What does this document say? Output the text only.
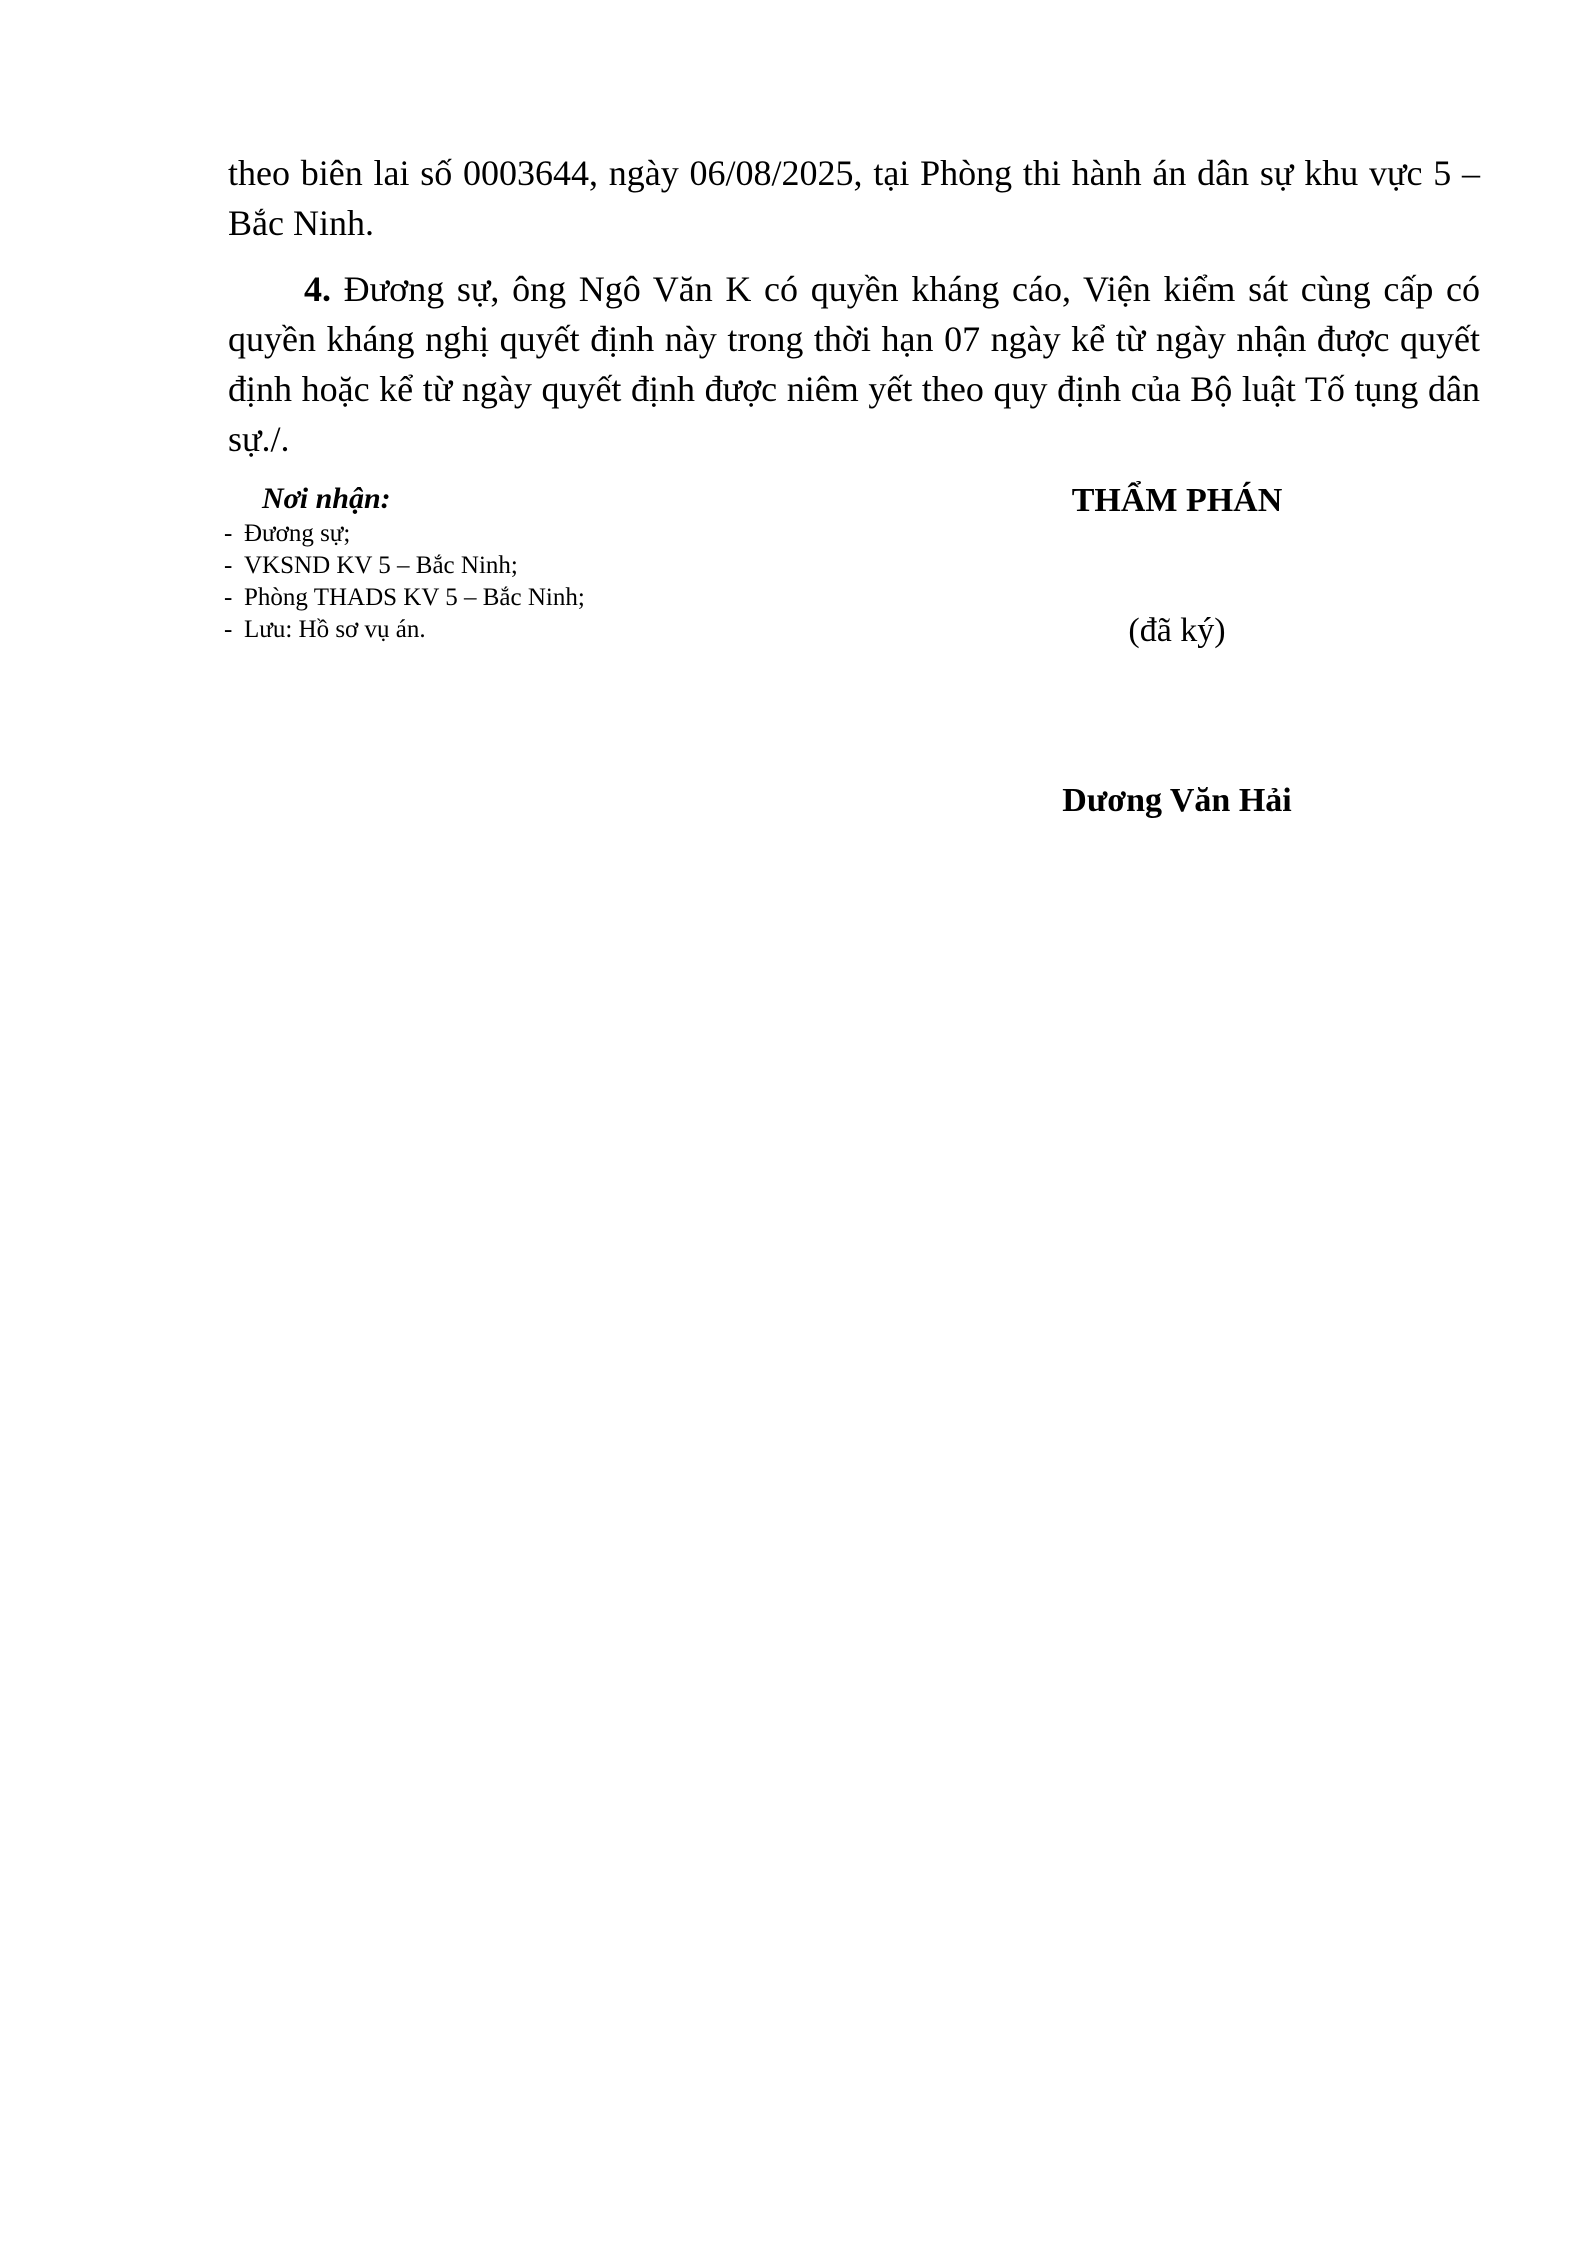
theo biên lai số 0003644, ngày 06/08/2025, tại Phòng thi hành án dân sự khu vực 5 – Bắc Ninh.

4. Đương sự, ông Ngô Văn K có quyền kháng cáo, Viện kiểm sát cùng cấp có quyền kháng nghị quyết định này trong thời hạn 07 ngày kể từ ngày nhận được quyết định hoặc kể từ ngày quyết định được niêm yết theo quy định của Bộ luật Tố tụng dân sự./.

Nơi nhận:
- Đương sự;
- VKSND KV 5 – Bắc Ninh;
- Phòng THADS KV 5 – Bắc Ninh;
- Lưu: Hồ sơ vụ án.
THẨM PHÁN
(đã ký)
Dương Văn Hải
